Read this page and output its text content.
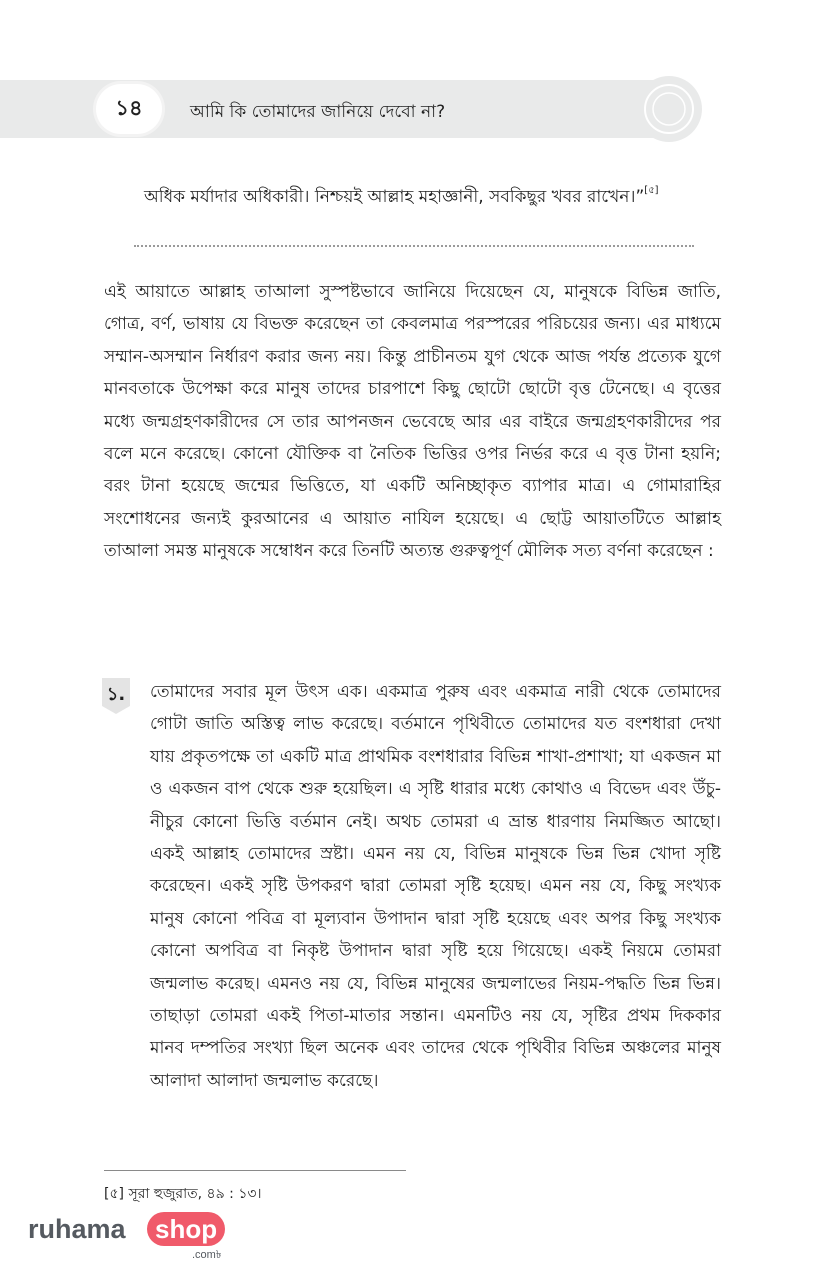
১৪	আমি কি তোমাদের জানিয়ে দেবো না?
অধিক মর্যাদার অধিকারী। নিশ্চয়ই আল্লাহ মহাজ্ঞানী, সবকিছুর খবর রাখেন।”[৫]
এই আয়াতে আল্লাহ তাআলা সুস্পষ্টভাবে জানিয়ে দিয়েছেন যে, মানুষকে বিভিন্ন জাতি, গোত্র, বর্ণ, ভাষায় যে বিভক্ত করেছেন তা কেবলমাত্র পরস্পরের পরিচয়ের জন্য। এর মাধ্যমে সম্মান-অসম্মান নির্ধারণ করার জন্য নয়। কিন্তু প্রাচীনতম যুগ থেকে আজ পর্যন্ত প্রত্যেক যুগে মানবতাকে উপেক্ষা করে মানুষ তাদের চারপাশে কিছু ছোটো ছোটো বৃত্ত টেনেছে। এ বৃত্তের মধ্যে জন্মগ্রহণকারীদের সে তার আপনজন ভেবেছে আর এর বাইরে জন্মগ্রহণকারীদের পর বলে মনে করেছে। কোনো যৌক্তিক বা নৈতিক ভিত্তির ওপর নির্ভর করে এ বৃত্ত টানা হয়নি; বরং টানা হয়েছে জন্মের ভিত্তিতে, যা একটি অনিচ্ছাকৃত ব্যাপার মাত্র। এ গোমারাহির সংশোধনের জন্যই কুরআনের এ আয়াত নাযিল হয়েছে। এ ছোট্ট আয়াতটিতে আল্লাহ তাআলা সমস্ত মানুষকে সম্বোধন করে তিনটি অত্যন্ত গুরুত্বপূর্ণ মৌলিক সত্য বর্ণনা করেছেন :
১.	তোমাদের সবার মূল উৎস এক। একমাত্র পুরুষ এবং একমাত্র নারী থেকে তোমাদের গোটা জাতি অস্তিত্ব লাভ করেছে। বর্তমানে পৃথিবীতে তোমাদের যত বংশধারা দেখা যায় প্রকৃতপক্ষে তা একটি মাত্র প্রাথমিক বংশধারার বিভিন্ন শাখা-প্রশাখা; যা একজন মা ও একজন বাপ থেকে শুরু হয়েছিল। এ সৃষ্টি ধারার মধ্যে কোথাও এ বিভেদ এবং উঁচু-নীচুর কোনো ভিত্তি বর্তমান নেই। অথচ তোমরা এ ভ্রান্ত ধারণায় নিমজ্জিত আছো। একই আল্লাহ তোমাদের স্রষ্টা। এমন নয় যে, বিভিন্ন মানুষকে ভিন্ন ভিন্ন খোদা সৃষ্টি করেছেন। একই সৃষ্টি উপকরণ দ্বারা তোমরা সৃষ্টি হয়েছ। এমন নয় যে, কিছু সংখ্যক মানুষ কোনো পবিত্র বা মূল্যবান উপাদান দ্বারা সৃষ্টি হয়েছে এবং অপর কিছু সংখ্যক কোনো অপবিত্র বা নিকৃষ্ট উপাদান দ্বারা সৃষ্টি হয়ে গিয়েছে। একই নিয়মে তোমরা জন্মলাভ করেছ। এমনও নয় যে, বিভিন্ন মানুষের জন্মলাভের নিয়ম-পদ্ধতি ভিন্ন ভিন্ন। তাছাড়া তোমরা একই পিতা-মাতার সন্তান। এমনটিও নয় যে, সৃষ্টির প্রথম দিককার মানব দম্পতির সংখ্যা ছিল অনেক এবং তাদের থেকে পৃথিবীর বিভিন্ন অঞ্চলের মানুষ আলাদা আলাদা জন্মলাভ করেছে।
[৫] সূরা হুজুরাত, ৪৯ : ১৩।
ruhama	shop
.com৳
